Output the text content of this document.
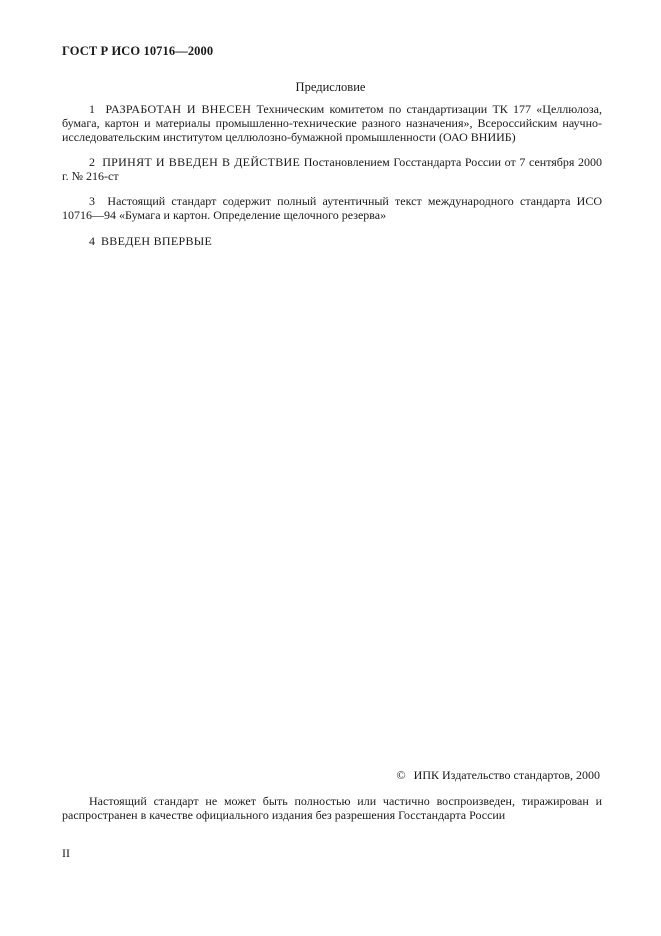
ГОСТ Р ИСО 10716—2000
Предисловие

1 РАЗРАБОТАН И ВНЕСЕН Техническим комитетом по стандартизации ТК 177 «Целлюлоза, бумага, картон и материалы промышленно-технические разного назначения», Всероссийским научно-исследовательским институтом целлюлозно-бумажной промышленности (ОАО ВНИИБ)

2 ПРИНЯТ И ВВЕДЕН В ДЕЙСТВИЕ Постановлением Госстандарта России от 7 сентября 2000 г. № 216-ст

3 Настоящий стандарт содержит полный аутентичный текст международного стандарта ИСО 10716—94 «Бумага и картон. Определение щелочного резерва»

4 ВВЕДЕН ВПЕРВЫЕ

© ИПК Издательство стандартов, 2000

Настоящий стандарт не может быть полностью или частично воспроизведен, тиражирован и распространен в качестве официального издания без разрешения Госстандарта России

II
